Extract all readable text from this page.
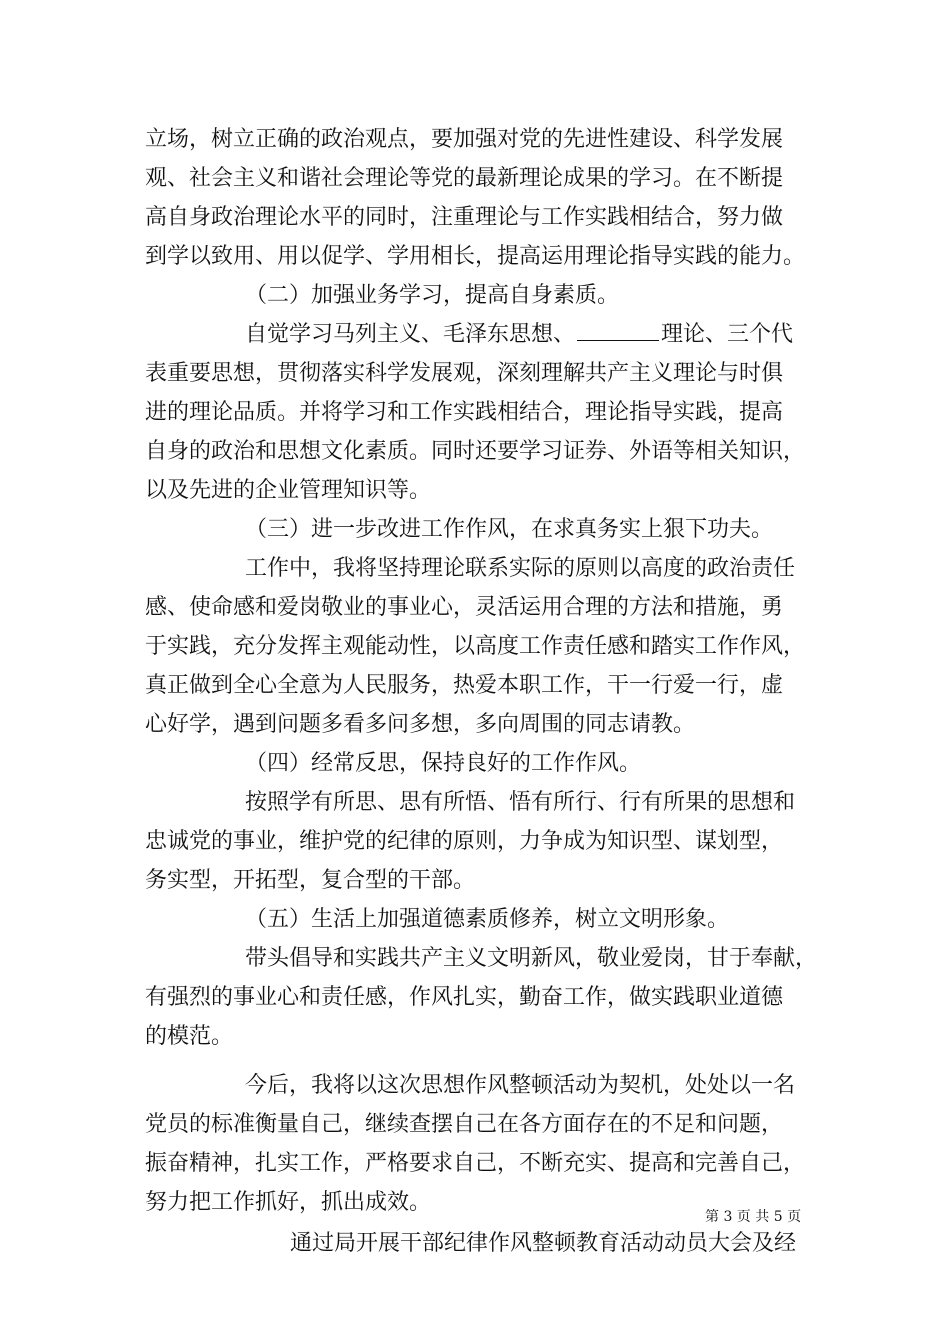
立场，树立正确的政治观点，要加强对党的先进性建设、科学发展
观、社会主义和谐社会理论等党的最新理论成果的学习。在不断提
高自身政治理论水平的同时，注重理论与工作实践相结合，努力做
到学以致用、用以促学、学用相长，提高运用理论指导实践的能力。
（二）加强业务学习，提高自身素质。
自觉学习马列主义、毛泽东思想、	理论、三个代
表重要思想，贯彻落实科学发展观，深刻理解共产主义理论与时俱
进的理论品质。并将学习和工作实践相结合，理论指导实践，提高
自身的政治和思想文化素质。同时还要学习证券、外语等相关知识，
以及先进的企业管理知识等。
（三）进一步改进工作作风，在求真务实上狠下功夫。
工作中，我将坚持理论联系实际的原则以高度的政治责任
感、使命感和爱岗敬业的事业心，灵活运用合理的方法和措施，勇
于实践，充分发挥主观能动性，以高度工作责任感和踏实工作作风，
真正做到全心全意为人民服务，热爱本职工作，干一行爱一行，虚
心好学，遇到问题多看多问多想，多向周围的同志请教。
（四）经常反思，保持良好的工作作风。
按照学有所思、思有所悟、悟有所行、行有所果的思想和
忠诚党的事业，维护党的纪律的原则，力争成为知识型、谋划型，
务实型，开拓型，复合型的干部。
（五）生活上加强道德素质修养，树立文明形象。
带头倡导和实践共产主义文明新风，敬业爱岗，甘于奉献，
有强烈的事业心和责任感，作风扎实，勤奋工作，做实践职业道德
的模范。
今后，我将以这次思想作风整顿活动为契机，处处以一名
党员的标准衡量自己，继续查摆自己在各方面存在的不足和问题，
振奋精神，扎实工作，严格要求自己，不断充实、提高和完善自己，
努力把工作抓好，抓出成效。
通过局开展干部纪律作风整顿教育活动动员大会及经
第 3 页 共 5 页
